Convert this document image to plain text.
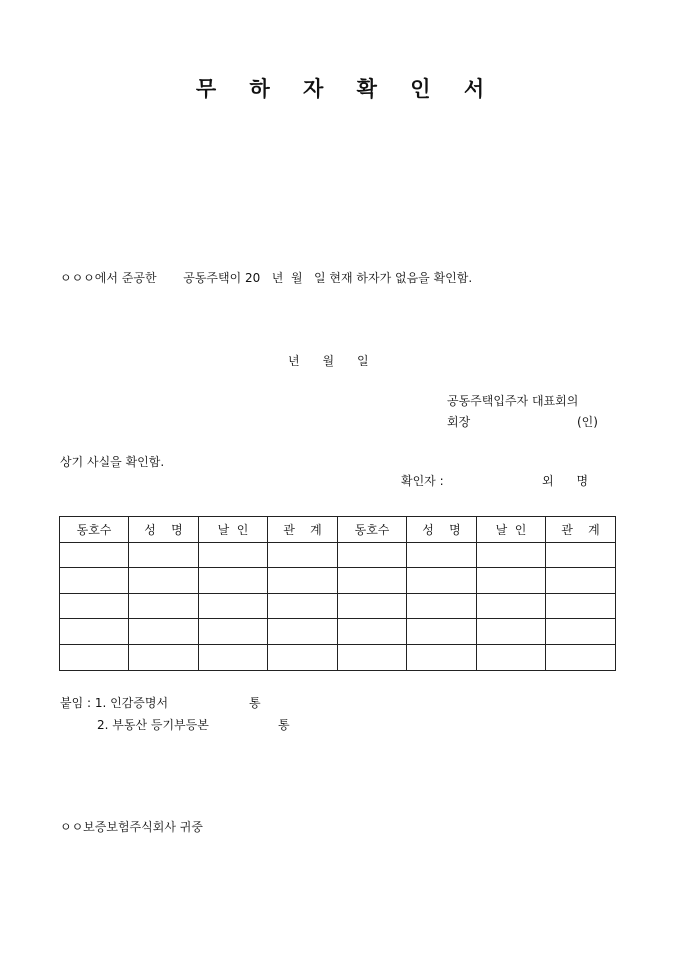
무 하 자 확 인 서
ㅇㅇㅇ에서 준공한       공동주택이 20   년  월   일 현재 하자가 없음을 확인함.
년      월      일
공동주택입주자 대표회의
회장	(인)
상기 사실을 확인함.
확인자 :	외      명
동호수	성    명	날  인	관    계	동호수	성    명	날  인	관    계

붙임 : 1. 인감증명서	통
2. 부동산 등기부등본	통
ㅇㅇ보증보험주식회사 귀중
